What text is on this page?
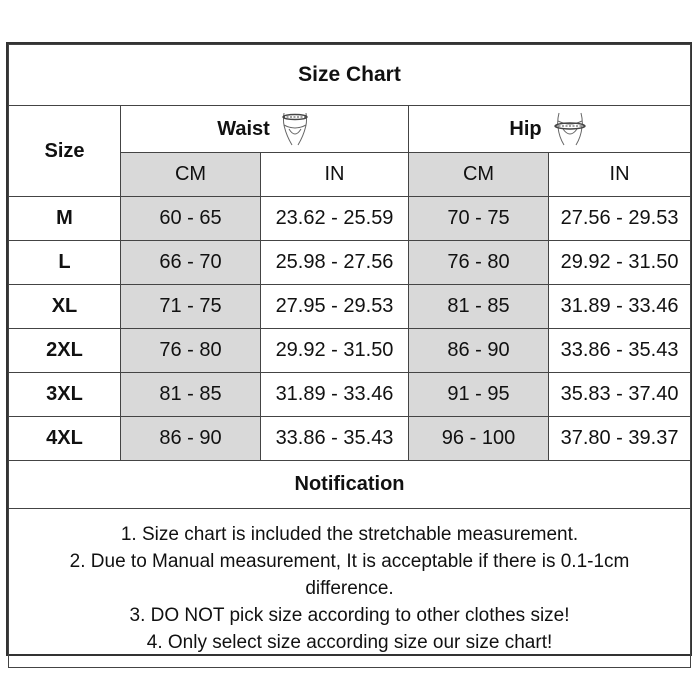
Size Chart				
Size	Waist		Hip	

	CM	IN	CM	IN
M	60 - 65	23.62 - 25.59	70 - 75	27.56 - 29.53
L	66 - 70	25.98 - 27.56	76 - 80	29.92 - 31.50
XL	71 - 75	27.95 - 29.53	81 - 85	31.89 - 33.46
2XL	76 - 80	29.92 - 31.50	86 - 90	33.86 - 35.43
3XL	81 - 85	31.89 - 33.46	91 - 95	35.83 - 37.40
4XL	86 - 90	33.86 - 35.43	96 - 100	37.80 - 39.37
Notification				

1. Size chart is included the stretchable measurement.
2. Due to Manual measurement, It is acceptable if there is 0.1-1cm
difference.
3. DO NOT pick size according to other clothes size!
4. Only select size according size our size chart!				
